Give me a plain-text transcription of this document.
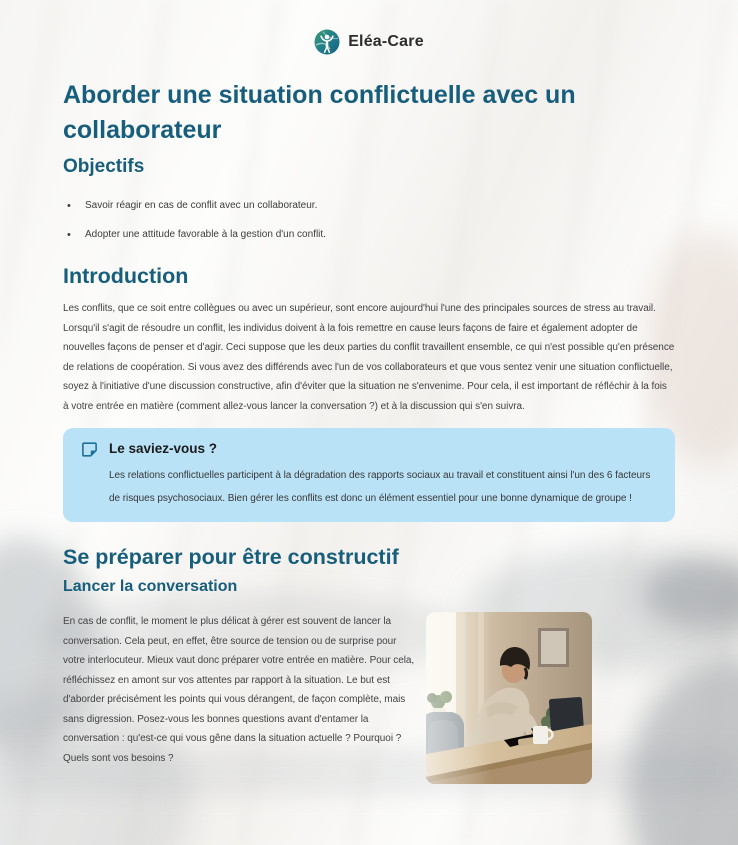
Eléa-Care
Aborder une situation conflictuelle avec un collaborateur
Objectifs
• Savoir réagir en cas de conflit avec un collaborateur.
• Adopter une attitude favorable à la gestion d'un conflit.
Introduction

Les conflits, que ce soit entre collègues ou avec un supérieur, sont encore aujourd'hui l'une des principales sources de stress au travail. Lorsqu'il s'agit de résoudre un conflit, les individus doivent à la fois remettre en cause leurs façons de faire et également adopter de nouvelles façons de penser et d'agir. Ceci suppose que les deux parties du conflit travaillent ensemble, ce qui n'est possible qu'en présence de relations de coopération. Si vous avez des différends avec l'un de vos collaborateurs et que vous sentez venir une situation conflictuelle, soyez à l'initiative d'une discussion constructive, afin d'éviter que la situation ne s'envenime. Pour cela, il est important de réfléchir à la fois à votre entrée en matière (comment allez-vous lancer la conversation ?) et à la discussion qui s'en suivra.

Le saviez-vous ?

Les relations conflictuelles participent à la dégradation des rapports sociaux au travail et constituent ainsi l'un des 6 facteurs de risques psychosociaux. Bien gérer les conflits est donc un élément essentiel pour une bonne dynamique de groupe !

Se préparer pour être constructif
Lancer la conversation

En cas de conflit, le moment le plus délicat à gérer est souvent de lancer la conversation. Cela peut, en effet, être source de tension ou de surprise pour votre interlocuteur. Mieux vaut donc préparer votre entrée en matière. Pour cela, réfléchissez en amont sur vos attentes par rapport à la situation. Le but est d'aborder précisément les points qui vous dérangent, de façon complète, mais sans digression. Posez-vous les bonnes questions avant d'entamer la conversation : qu'est-ce qui vous gêne dans la situation actuelle ? Pourquoi ? Quels sont vos besoins ?
